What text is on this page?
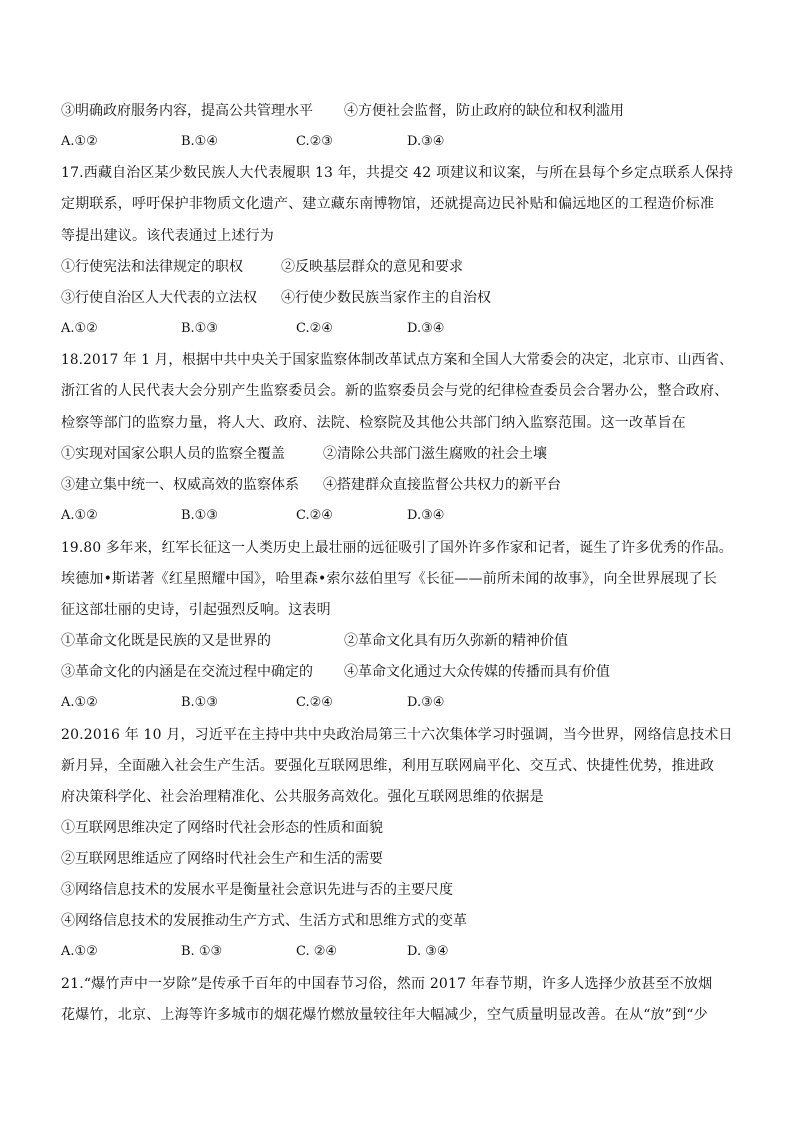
③明确政府服务内容，提高公共管理水平 ④方便社会监督，防止政府的缺位和权利滥用
A.①②	B.①④	C.②③	D.③④
17.西藏自治区某少数民族人大代表履职 13 年，共提交 42 项建议和议案，与所在县每个乡定点联系人保持
定期联系，呼吁保护非物质文化遗产、建立藏东南博物馆，还就提高边民补贴和偏远地区的工程造价标准
等提出建议。该代表通过上述行为
①行使宪法和法律规定的职权	②反映基层群众的意见和要求
③行使自治区人大代表的立法权 ④行使少数民族当家作主的自治权
A.①②	B.①③	C.②④	D.③④
18.2017 年 1 月，根据中共中央关于国家监察体制改革试点方案和全国人大常委会的决定，北京市、山西省、
浙江省的人民代表大会分别产生监察委员会。新的监察委员会与党的纪律检查委员会合署办公，整合政府、
检察等部门的监察力量，将人大、政府、法院、检察院及其他公共部门纳入监察范围。这一改革旨在
①实现对国家公职人员的监察全覆盖	②清除公共部门滋生腐败的社会土壤
③建立集中统一、权威高效的监察体系 ④搭建群众直接监督公共权力的新平台
A.①②	B.①③	C.②④	D.③④
19.80 多年来，红军长征这一人类历史上最壮丽的远征吸引了国外许多作家和记者，诞生了许多优秀的作品。
埃德加•斯诺著《红星照耀中国》，哈里森•索尔兹伯里写《长征——前所未闻的故事》，向全世界展现了长
征这部壮丽的史诗，引起强烈反响。这表明
①革命文化既是民族的又是世界的	②革命文化具有历久弥新的精神价值
③革命文化的内涵是在交流过程中确定的 ④革命文化通过大众传媒的传播而具有价值
A.①②	B.①③	C.②④	D.③④
20.2016 年 10 月，习近平在主持中共中央政治局第三十六次集体学习时强调，当今世界，网络信息技术日
新月异，全面融入社会生产生活。要强化互联网思维，利用互联网扁平化、交互式、快捷性优势，推进政
府决策科学化、社会治理精准化、公共服务高效化。强化互联网思维的依据是
①互联网思维决定了网络时代社会形态的性质和面貌
②互联网思维适应了网络时代社会生产和生活的需要
③网络信息技术的发展水平是衡量社会意识先进与否的主要尺度
④网络信息技术的发展推动生产方式、生活方式和思维方式的变革
A.①②	B. ①③	C. ②④	D. ③④
21.“爆竹声中一岁除”是传承千百年的中国春节习俗，然而 2017 年春节期，许多人选择少放甚至不放烟
花爆竹，北京、上海等许多城市的烟花爆竹燃放量较往年大幅减少，空气质量明显改善。在从“放”到“少
